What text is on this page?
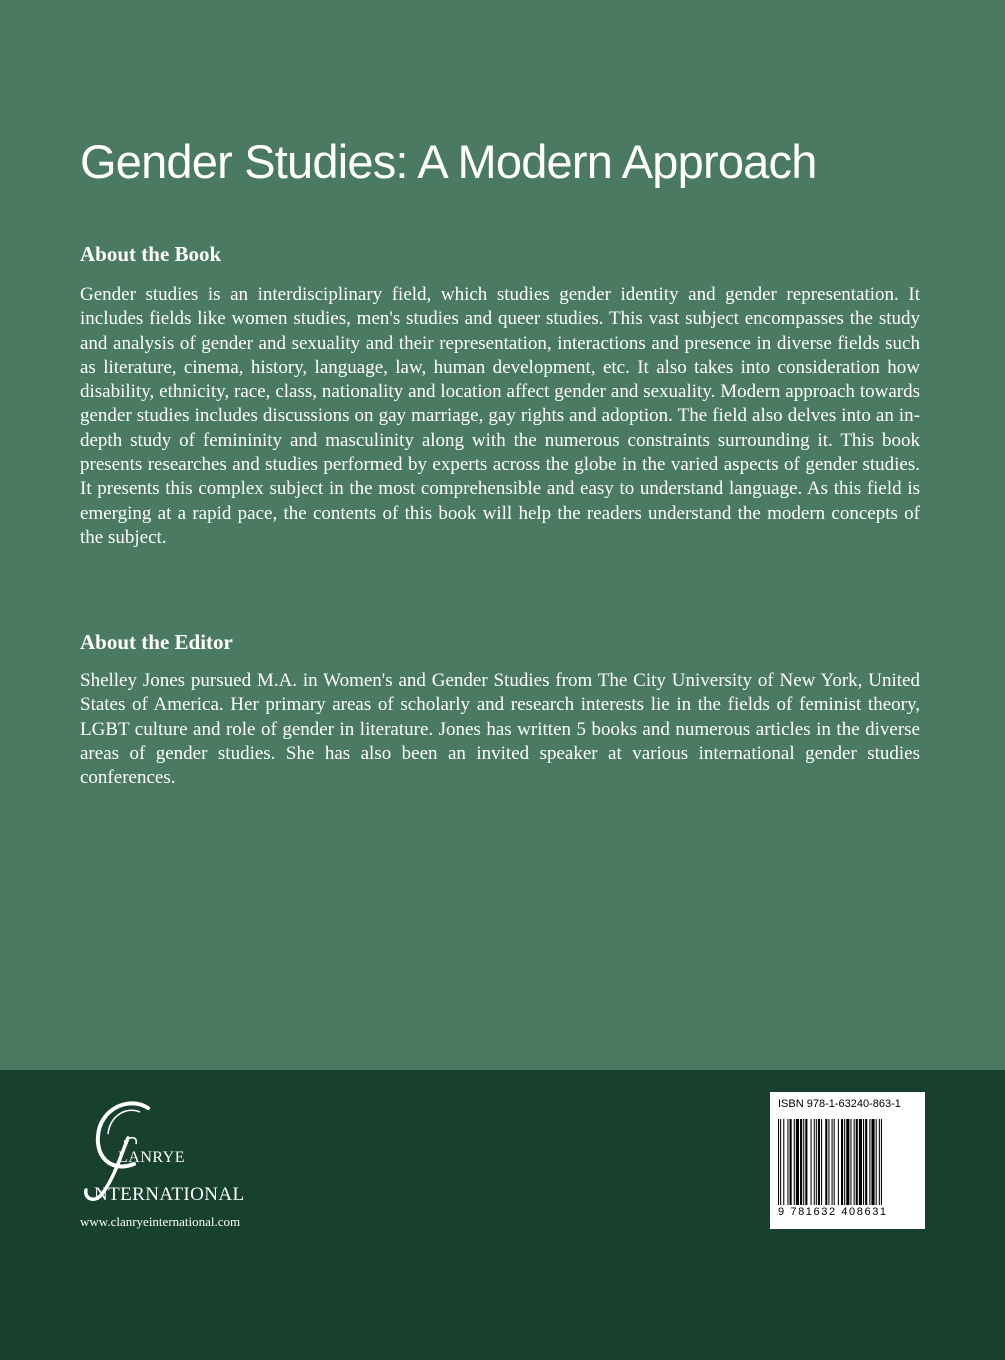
Gender Studies: A Modern Approach
About the Book

Gender studies is an interdisciplinary field, which studies gender identity and gender representation. It includes fields like women studies, men's studies and queer studies. This vast subject encompasses the study and analysis of gender and sexuality and their representation, interactions and presence in diverse fields such as literature, cinema, history, language, law, human development, etc. It also takes into consideration how disability, ethnicity, race, class, nationality and location affect gender and sexuality. Modern approach towards gender studies includes discussions on gay marriage, gay rights and adoption. The field also delves into an in-depth study of femininity and masculinity along with the numerous constraints surrounding it. This book presents researches and studies performed by experts across the globe in the varied aspects of gender studies. It presents this complex subject in the most comprehensible and easy to understand language. As this field is emerging at a rapid pace, the contents of this book will help the readers understand the modern concepts of the subject.

About the Editor

Shelley Jones pursued M.A. in Women's and Gender Studies from The City University of New York, United States of America. Her primary areas of scholarly and research interests lie in the fields of feminist theory, LGBT culture and role of gender in literature. Jones has written 5 books and numerous articles in the diverse areas of gender studies. She has also been an invited speaker at various international gender studies conferences.

LANRYE
NTERNATIONAL
www.clanryeinternational.com
ISBN 978-1-63240-863-1
9 781632 408631
